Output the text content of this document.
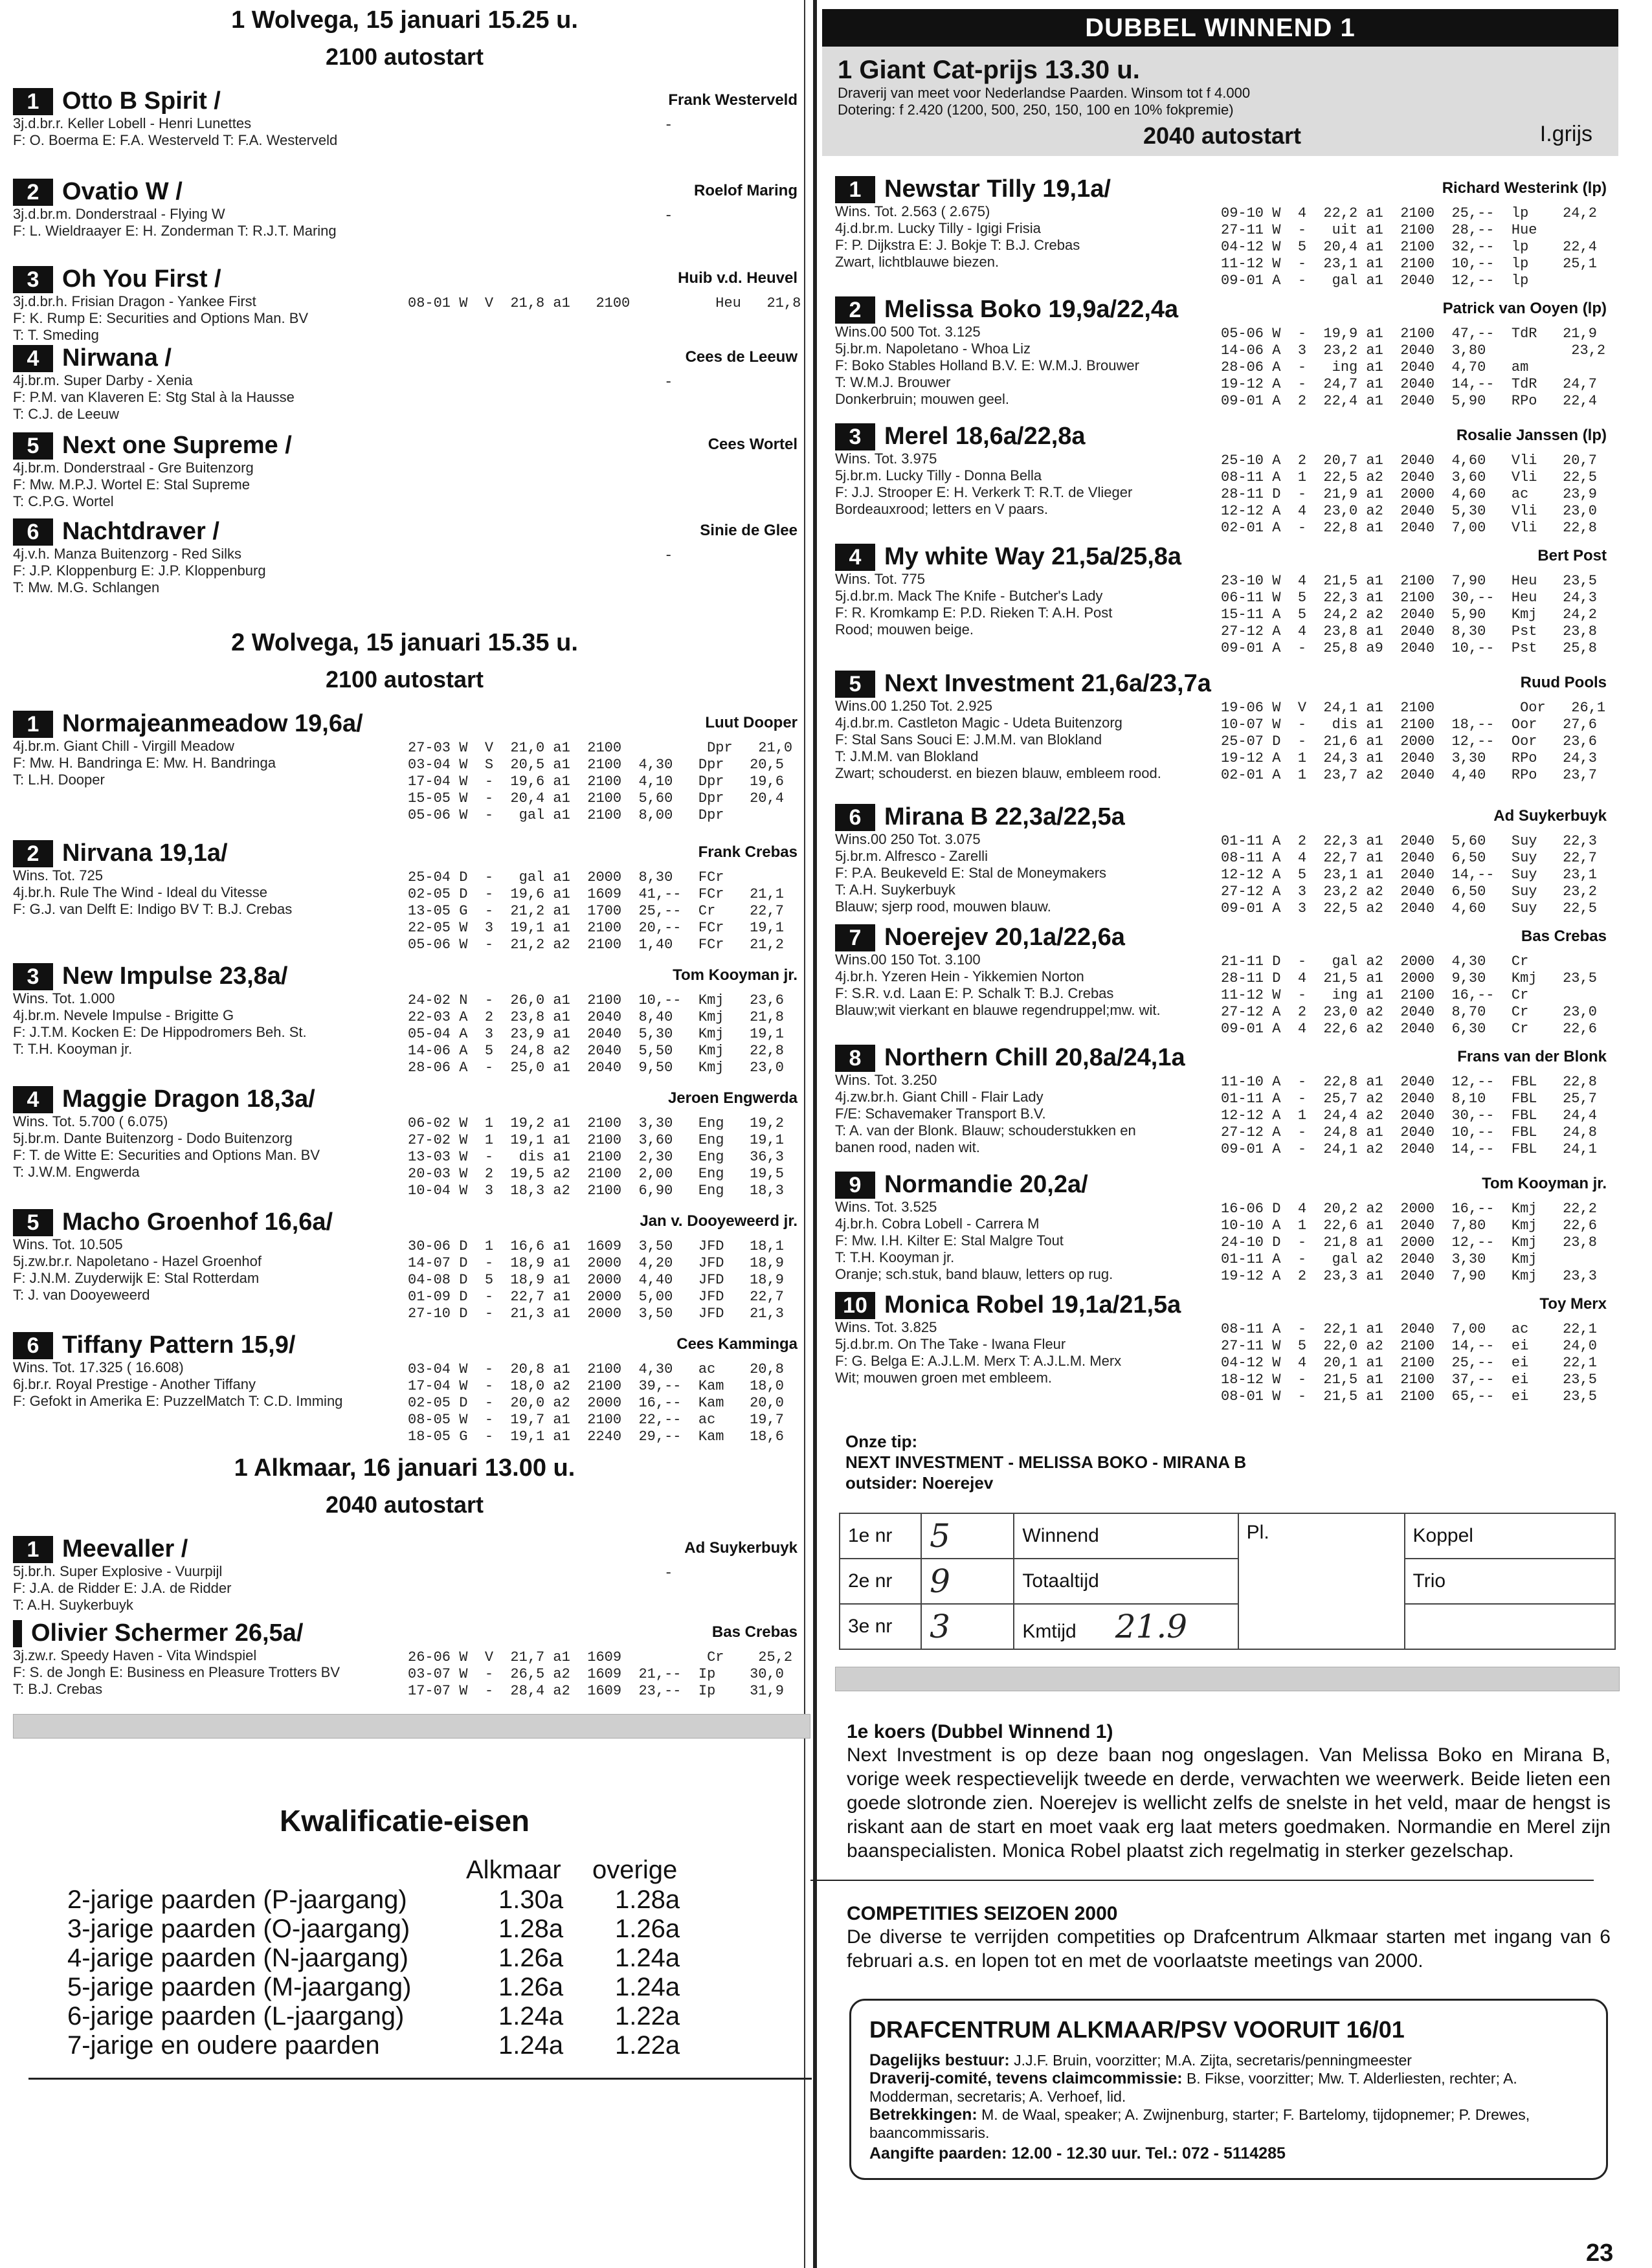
1 Wolvega, 15 januari 15.25 u.
2100 autostart
1 Otto B Spirit /	Frank Westerveld
3j.d.br.r. Keller Lobell - Henri Lunettes
F: O. Boerma E: F.A. Westerveld T: F.A. Westerveld
-
2 Ovatio W /	Roelof Maring
3j.d.br.m. Donderstraal - Flying W
F: L. Wieldraayer E: H. Zonderman T: R.J.T. Maring
-
3 Oh You First /	Huib v.d. Heuvel
3j.d.br.h. Frisian Dragon - Yankee First
F: K. Rump E: Securities and Options Man. BV
T: T. Smeding
08-01 W  V  21,8 a1   2100          Heu   21,8
4 Nirwana /	Cees de Leeuw
4j.br.m. Super Darby - Xenia
F: P.M. van Klaveren E: Stg Stal à la Hausse
T: C.J. de Leeuw
-
5 Next one Supreme /	Cees Wortel
4j.br.m. Donderstraal - Gre Buitenzorg
F: Mw. M.P.J. Wortel E: Stal Supreme
T: C.P.G. Wortel
6 Nachtdraver /	Sinie de Glee
4j.v.h. Manza Buitenzorg - Red Silks
F: J.P. Kloppenburg E: J.P. Kloppenburg
T: Mw. M.G. Schlangen
-
2 Wolvega, 15 januari 15.35 u.
2100 autostart
1 Normajeanmeadow 19,6a/	Luut Dooper
4j.br.m. Giant Chill - Virgill Meadow
F: Mw. H. Bandringa E: Mw. H. Bandringa
T: L.H. Dooper
27-03 W  V  21,0 a1  2100          Dpr   21,0
03-04 W  S  20,5 a1  2100  4,30   Dpr   20,5
17-04 W  -  19,6 a1  2100  4,10   Dpr   19,6
15-05 W  -  20,4 a1  2100  5,60   Dpr   20,4
05-06 W  -   gal a1  2100  8,00   Dpr
2 Nirvana 19,1a/	Frank Crebas
Wins. Tot. 725
4j.br.h. Rule The Wind - Ideal du Vitesse
F: G.J. van Delft E: Indigo BV T: B.J. Crebas
25-04 D  -   gal a1  2000  8,30   FCr
02-05 D  -  19,6 a1  1609  41,--  FCr   21,1
13-05 G  -  21,2 a1  1700  25,--  Cr    22,7
22-05 W  3  19,1 a1  2100  20,--  FCr   19,1
05-06 W  -  21,2 a2  2100  1,40   FCr   21,2
3 New Impulse 23,8a/	Tom Kooyman jr.
Wins. Tot. 1.000
4j.br.m. Nevele Impulse - Brigitte G
F: J.T.M. Kocken E: De Hippodromers Beh. St.
T: T.H. Kooyman jr.
24-02 N  -  26,0 a1  2100  10,--  Kmj   23,6
22-03 A  2  23,8 a1  2040  8,40   Kmj   21,8
05-04 A  3  23,9 a1  2040  5,30   Kmj   19,1
14-06 A  5  24,8 a2  2040  5,50   Kmj   22,8
28-06 A  -  25,0 a1  2040  9,50   Kmj   23,0
4 Maggie Dragon 18,3a/	Jeroen Engwerda
Wins. Tot. 5.700 ( 6.075)
5j.br.m. Dante Buitenzorg - Dodo Buitenzorg
F: T. de Witte E: Securities and Options Man. BV
T: J.W.M. Engwerda
06-02 W  1  19,2 a1  2100  3,30   Eng   19,2
27-02 W  1  19,1 a1  2100  3,60   Eng   19,1
13-03 W  -   dis a1  2100  2,30   Eng   36,3
20-03 W  2  19,5 a2  2100  2,00   Eng   19,5
10-04 W  3  18,3 a2  2100  6,90   Eng   18,3
5 Macho Groenhof 16,6a/	Jan v. Dooyeweerd jr.
Wins. Tot. 10.505
5j.zw.br.r. Napoletano - Hazel Groenhof
F: J.N.M. Zuyderwijk E: Stal Rotterdam
T: J. van Dooyeweerd
30-06 D  1  16,6 a1  1609  3,50   JFD   18,1
14-07 D  -  18,9 a1  2000  4,20   JFD   18,9
04-08 D  5  18,9 a1  2000  4,40   JFD   18,9
01-09 D  -  22,7 a1  2000  5,00   JFD   22,7
27-10 D  -  21,3 a1  2000  3,50   JFD   21,3
6 Tiffany Pattern 15,9/	Cees Kamminga
Wins. Tot. 17.325 ( 16.608)
6j.br.r. Royal Prestige - Another Tiffany
F: Gefokt in Amerika E: PuzzelMatch T: C.D. Imming
03-04 W  -  20,8 a1  2100  4,30   ac    20,8
17-04 W  -  18,0 a2  2100  39,--  Kam   18,0
02-05 D  -  20,0 a2  2000  16,--  Kam   20,0
08-05 W  -  19,7 a1  2100  22,--  ac    19,7
18-05 G  -  19,1 a1  2240  29,--  Kam   18,6
1 Alkmaar, 16 januari 13.00 u.
2040 autostart
1 Meevaller /	Ad Suykerbuyk
5j.br.h. Super Explosive - Vuurpijl
F: J.A. de Ridder E: J.A. de Ridder
T: A.H. Suykerbuyk
-
Olivier Schermer 26,5a/	Bas Crebas
3j.zw.r. Speedy Haven - Vita Windspiel
F: S. de Jongh E: Business en Pleasure Trotters BV
T: B.J. Crebas
26-06 W  V  21,7 a1  1609          Cr    25,2
03-07 W  -  26,5 a2  1609  21,--  Ip    30,0
17-07 W  -  28,4 a2  1609  23,--  Ip    31,9
Kwalificatie-eisen
Alkmaar overige
2-jarige paarden (P-jaargang)	1.30a 1.28a
3-jarige paarden (O-jaargang)	1.28a 1.26a
4-jarige paarden (N-jaargang)	1.26a 1.24a
5-jarige paarden (M-jaargang)	1.26a 1.24a
6-jarige paarden (L-jaargang)	1.24a 1.22a
7-jarige en oudere paarden	1.24a 1.22a
DUBBEL WINNEND 1
1 Giant Cat-prijs 13.30 u.
Draverij van meet voor Nederlandse Paarden. Winsom tot f 4.000
Dotering: f 2.420 (1200, 500, 250, 150, 100 en 10% fokpremie)
2040 autostart	I.grijs
1 Newstar Tilly 19,1a/	Richard Westerink (lp)
Wins. Tot. 2.563 ( 2.675)
4j.d.br.m. Lucky Tilly - Igigi Frisia
F: P. Dijkstra E: J. Bokje T: B.J. Crebas
Zwart, lichtblauwe biezen.
09-10 W  4  22,2 a1  2100  25,--  lp    24,2
27-11 W  -   uit a1  2100  28,--  Hue
04-12 W  5  20,4 a1  2100  32,--  lp    22,4
11-12 W  -  23,1 a1  2100  10,--  lp    25,1
09-01 A  -   gal a1  2040  12,--  lp
2 Melissa Boko 19,9a/22,4a	Patrick van Ooyen (lp)
Wins.00 500 Tot. 3.125
5j.br.m. Napoletano - Whoa Liz
F: Boko Stables Holland B.V. E: W.M.J. Brouwer
T: W.M.J. Brouwer
Donkerbruin; mouwen geel.
05-06 W  -  19,9 a1  2100  47,--  TdR   21,9
14-06 A  3  23,2 a1  2040  3,80          23,2
28-06 A  -   ing a1  2040  4,70   am
19-12 A  -  24,7 a1  2040  14,--  TdR   24,7
09-01 A  2  22,4 a1  2040  5,90   RPo   22,4
3 Merel 18,6a/22,8a	Rosalie Janssen (lp)
Wins. Tot. 3.975
5j.br.m. Lucky Tilly - Donna Bella
F: J.J. Strooper E: H. Verkerk T: R.T. de Vlieger
Bordeauxrood; letters en V paars.
25-10 A  2  20,7 a1  2040  4,60   Vli   20,7
08-11 A  1  22,5 a2  2040  3,60   Vli   22,5
28-11 D  -  21,9 a1  2000  4,60   ac    23,9
12-12 A  4  23,0 a2  2040  5,30   Vli   23,0
02-01 A  -  22,8 a1  2040  7,00   Vli   22,8
4 My white Way 21,5a/25,8a	Bert Post
Wins. Tot. 775
5j.d.br.m. Mack The Knife - Butcher's Lady
F: R. Kromkamp E: P.D. Rieken T: A.H. Post
Rood; mouwen beige.
23-10 W  4  21,5 a1  2100  7,90   Heu   23,5
06-11 W  5  22,3 a1  2100  30,--  Heu   24,3
15-11 A  5  24,2 a2  2040  5,90   Kmj   24,2
27-12 A  4  23,8 a1  2040  8,30   Pst   23,8
09-01 A  -  25,8 a9  2040  10,--  Pst   25,8
5 Next Investment 21,6a/23,7a	Ruud Pools
Wins.00 1.250 Tot. 2.925
4j.d.br.m. Castleton Magic - Udeta Buitenzorg
F: Stal Sans Souci E: J.M.M. van Blokland
T: J.M.M. van Blokland
Zwart; schouderst. en biezen blauw, embleem rood.
19-06 W  V  24,1 a1  2100          Oor   26,1
10-07 W  -   dis a1  2100  18,--  Oor   27,6
25-07 D  -  21,6 a1  2000  12,--  Oor   23,6
19-12 A  1  24,3 a1  2040  3,30   RPo   24,3
02-01 A  1  23,7 a2  2040  4,40   RPo   23,7
6 Mirana B 22,3a/22,5a	Ad Suykerbuyk
Wins.00 250 Tot. 3.075
5j.br.m. Alfresco - Zarelli
F: P.A. Beukeveld E: Stal de Moneymakers
T: A.H. Suykerbuyk
Blauw; sjerp rood, mouwen blauw.
01-11 A  2  22,3 a1  2040  5,60   Suy   22,3
08-11 A  4  22,7 a1  2040  6,50   Suy   22,7
12-12 A  5  23,1 a1  2040  14,--  Suy   23,1
27-12 A  3  23,2 a2  2040  6,50   Suy   23,2
09-01 A  3  22,5 a2  2040  4,60   Suy   22,5
7 Noerejev 20,1a/22,6a	Bas Crebas
Wins.00 150 Tot. 3.100
4j.br.h. Yzeren Hein - Yikkemien Norton
F: S.R. v.d. Laan E: P. Schalk T: B.J. Crebas
Blauw;wit vierkant en blauwe regendruppel;mw. wit.
21-11 D  -   gal a2  2000  4,30   Cr
28-11 D  4  21,5 a1  2000  9,30   Kmj   23,5
11-12 W  -   ing a1  2100  16,--  Cr
27-12 A  2  23,0 a2  2040  8,70   Cr    23,0
09-01 A  4  22,6 a2  2040  6,30   Cr    22,6
8 Northern Chill 20,8a/24,1a	Frans van der Blonk
Wins. Tot. 3.250
4j.zw.br.h. Giant Chill - Flair Lady
F/E: Schavemaker Transport B.V.
T: A. van der Blonk. Blauw; schouderstukken en
banen rood, naden wit.
11-10 A  -  22,8 a1  2040  12,--  FBL   22,8
01-11 A  -  25,7 a2  2040  8,10   FBL   25,7
12-12 A  1  24,4 a2  2040  30,--  FBL   24,4
27-12 A  -  24,8 a1  2040  10,--  FBL   24,8
09-01 A  -  24,1 a2  2040  14,--  FBL   24,1
9 Normandie 20,2a/	Tom Kooyman jr.
Wins. Tot. 3.525
4j.br.h. Cobra Lobell - Carrera M
F: Mw. I.H. Kilter E: Stal Malgre Tout
T: T.H. Kooyman jr.
Oranje; sch.stuk, band blauw, letters op rug.
16-06 D  4  20,2 a2  2000  16,--  Kmj   22,2
10-10 A  1  22,6 a1  2040  7,80   Kmj   22,6
24-10 D  -  21,8 a1  2000  12,--  Kmj   23,8
01-11 A  -   gal a2  2040  3,30   Kmj
19-12 A  2  23,3 a1  2040  7,90   Kmj   23,3
10 Monica Robel 19,1a/21,5a	Toy Merx
Wins. Tot. 3.825
5j.d.br.m. On The Take - Iwana Fleur
F: G. Belga E: A.J.L.M. Merx T: A.J.L.M. Merx
Wit; mouwen groen met embleem.
08-11 A  -  22,1 a1  2040  7,00   ac    22,1
27-11 W  5  22,0 a2  2100  14,--  ei    24,0
04-12 W  4  20,1 a1  2100  25,--  ei    22,1
18-12 W  -  21,5 a1  2100  37,--  ei    23,5
08-01 W  -  21,5 a1  2100  65,--  ei    23,5
Onze tip:
NEXT INVESTMENT - MELISSA BOKO - MIRANA B
outsider: Noerejev
1e nr	5	Winnend	Pl.	Koppel
2e nr	9	Totaaltijd		Trio
3e nr	3	Kmtijd 21.9		
1e koers (Dubbel Winnend 1)
Next Investment is op deze baan nog ongeslagen. Van Melissa Boko en Mirana B, vorige week respectievelijk tweede en derde, verwachten we weerwerk. Beide lieten een goede slotronde zien. Noerejev is wellicht zelfs de snelste in het veld, maar de hengst is riskant aan de start en moet vaak erg laat meters goedmaken. Normandie en Merel zijn baanspecialisten. Monica Robel plaatst zich regelmatig in sterker gezelschap.
COMPETITIES SEIZOEN 2000
De diverse te verrijden competities op Drafcentrum Alkmaar starten met ingang van 6 februari a.s. en lopen tot en met de voorlaatste meetings van 2000.
DRAFCENTRUM ALKMAAR/PSV VOORUIT 16/01
Dagelijks bestuur: J.J.F. Bruin, voorzitter; M.A. Zijta, secretaris/penningmeester
Draverij-comité, tevens claimcommissie: B. Fikse, voorzitter; Mw. T. Alderliesten, rechter; A. Modderman, secretaris; A. Verhoef, lid.
Betrekkingen: M. de Waal, speaker; A. Zwijnenburg, starter; F. Bartelomy, tijdopnemer; P. Drewes, baancommissaris.
Aangifte paarden: 12.00 - 12.30 uur. Tel.: 072 - 5114285
23
